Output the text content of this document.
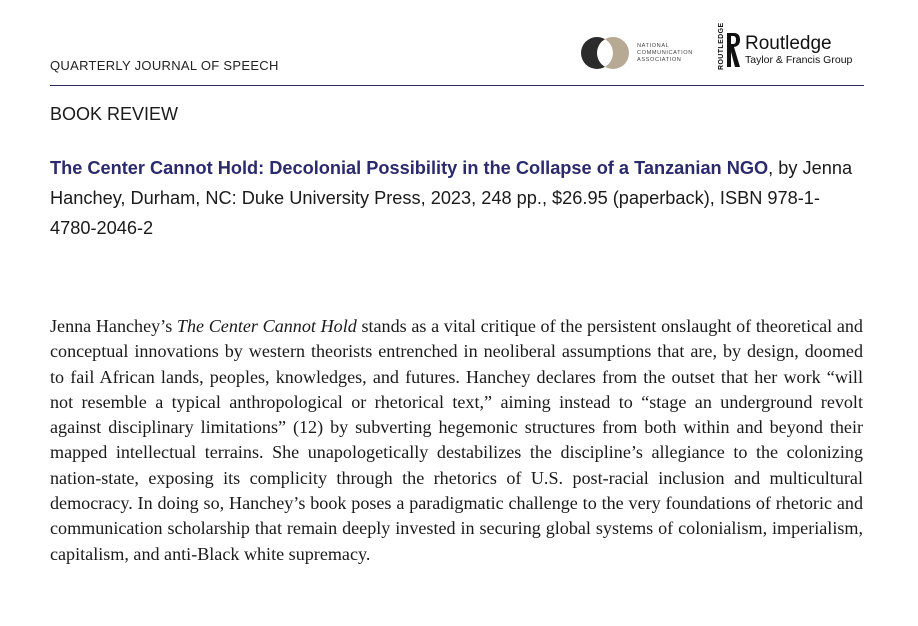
QUARTERLY JOURNAL OF SPEECH
NATIONAL
COMMUNICATION
ASSOCIATION	ROUTLEDGE Routledge
Taylor & Francis Group
BOOK REVIEW
The Center Cannot Hold: Decolonial Possibility in the Collapse of a Tanzanian NGO, by Jenna Hanchey, Durham, NC: Duke University Press, 2023, 248 pp., $26.95 (paperback), ISBN 978-1-4780-2046-2

Jenna Hanchey’s The Center Cannot Hold stands as a vital critique of the persistent onslaught of theoretical and conceptual innovations by western theorists entrenched in neoliberal assumptions that are, by design, doomed to fail African lands, peoples, knowledges, and futures. Hanchey declares from the outset that her work “will not resemble a typical anthropological or rhetorical text,” aiming instead to “stage an underground revolt against disciplinary limitations” (12) by subverting hegemonic structures from both within and beyond their mapped intellectual terrains. She unapologetically destabilizes the discipline’s allegiance to the colonizing nation-state, exposing its complicity through the rhetorics of U.S. post-racial inclusion and multicultural democracy. In doing so, Hanchey’s book poses a paradigmatic challenge to the very foundations of rhetoric and communication scholarship that remain deeply invested in securing global systems of colonialism, imperialism, capitalism, and anti-Black white supremacy.
